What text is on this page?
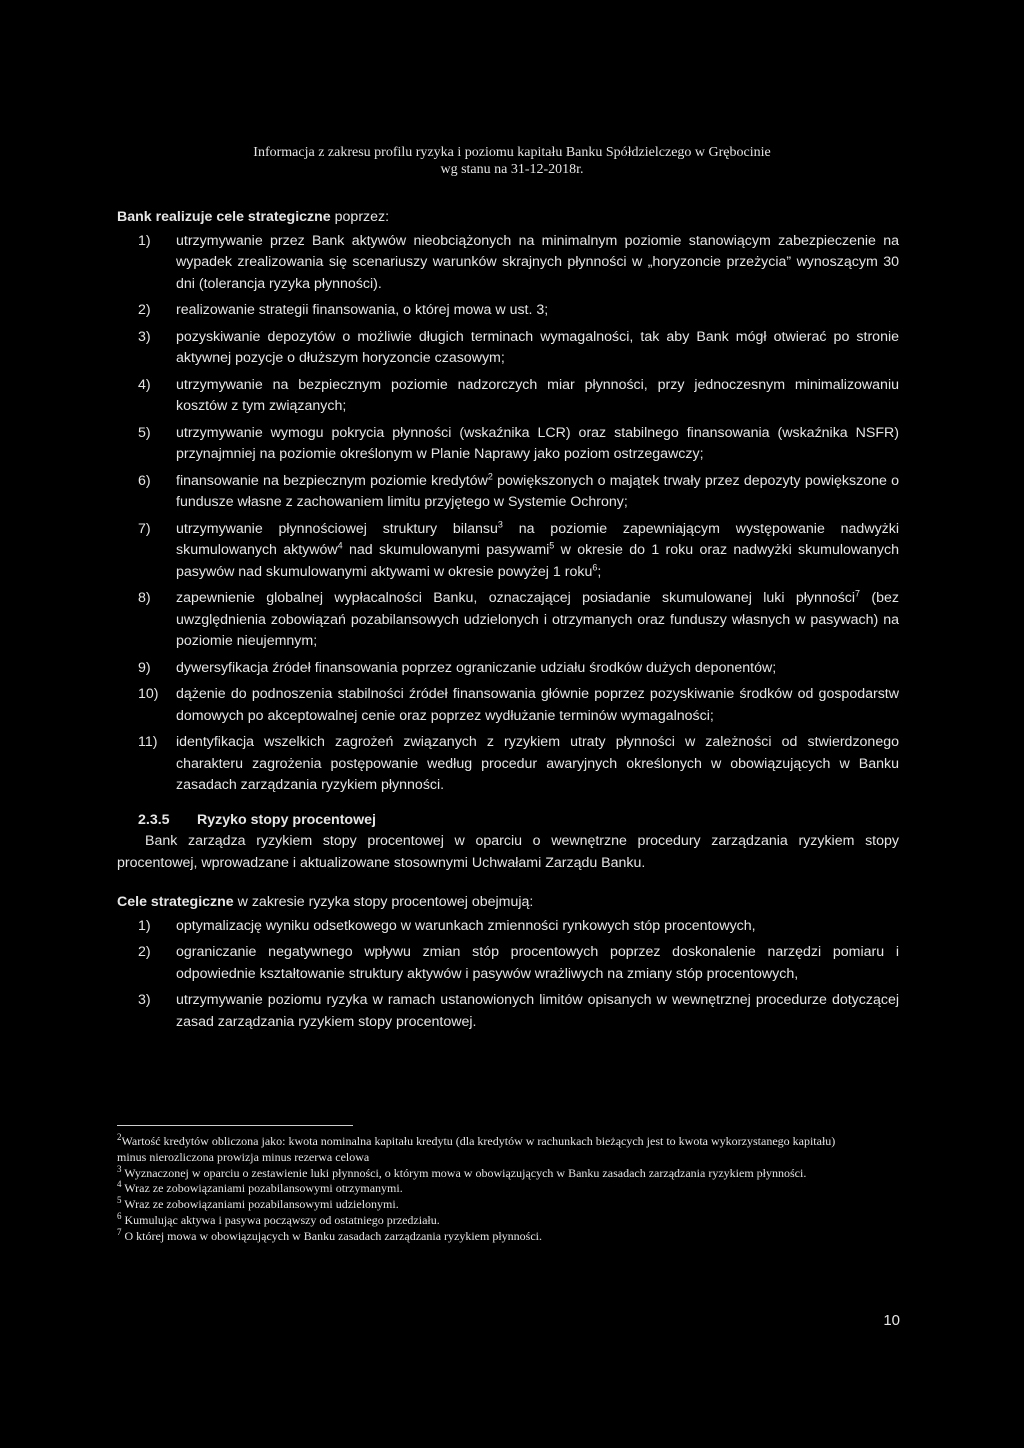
Informacja z zakresu profilu ryzyka i poziomu kapitału Banku Spółdzielczego w Grębocinie
wg stanu na 31-12-2018r.

Bank realizuje cele strategiczne poprzez:

1) utrzymywanie przez Bank aktywów nieobciążonych na minimalnym poziomie stanowiącym zabezpieczenie na wypadek zrealizowania się scenariuszy warunków skrajnych płynności w „horyzoncie przeżycia” wynoszącym 30 dni (tolerancja ryzyka płynności).
2) realizowanie strategii finansowania, o której mowa w ust. 3;
3) pozyskiwanie depozytów o możliwie długich terminach wymagalności, tak aby Bank mógł otwierać po stronie aktywnej pozycje o dłuższym horyzoncie czasowym;
4) utrzymywanie na bezpiecznym poziomie nadzorczych miar płynności, przy jednoczesnym minimalizowaniu kosztów z tym związanych;
5) utrzymywanie wymogu pokrycia płynności (wskaźnika LCR) oraz stabilnego finansowania (wskaźnika NSFR) przynajmniej na poziomie określonym w Planie Naprawy jako poziom ostrzegawczy;
6) finansowanie na bezpiecznym poziomie kredytów$^2$ powiększonych o majątek trwały przez depozyty powiększone o fundusze własne z zachowaniem limitu przyjętego w Systemie Ochrony;
7) utrzymywanie płynnościowej struktury bilansu$^3$ na poziomie zapewniającym występowanie nadwyżki skumulowanych aktywów$^4$ nad skumulowanymi pasywami$^5$ w okresie do 1 roku oraz nadwyżki skumulowanych pasywów nad skumulowanymi aktywami w okresie powyżej 1 roku$^6$;
8) zapewnienie globalnej wypłacalności Banku, oznaczającej posiadanie skumulowanej luki płynności$^7$ (bez uwzględnienia zobowiązań pozabilansowych udzielonych i otrzymanych oraz funduszy własnych w pasywach) na poziomie nieujemnym;
9) dywersyfikacja źródeł finansowania poprzez ograniczanie udziału środków dużych deponentów;
10) dążenie do podnoszenia stabilności źródeł finansowania głównie poprzez pozyskiwanie środków od gospodarstw domowych po akceptowalnej cenie oraz poprzez wydłużanie terminów wymagalności;
11) identyfikacja wszelkich zagrożeń związanych z ryzykiem utraty płynności w zależności od stwierdzonego charakteru zagrożenia postępowanie według procedur awaryjnych określonych w obowiązujących w Banku zasadach zarządzania ryzykiem płynności.
2.3.5 Ryzyko stopy procentowej

Bank zarządza ryzykiem stopy procentowej w oparciu o wewnętrzne procedury zarządzania ryzykiem stopy procentowej, wprowadzane i aktualizowane stosownymi Uchwałami Zarządu Banku.

Cele strategiczne w zakresie ryzyka stopy procentowej obejmują:

1) optymalizację wyniku odsetkowego w warunkach zmienności rynkowych stóp procentowych,
2) ograniczanie negatywnego wpływu zmian stóp procentowych poprzez doskonalenie narzędzi pomiaru i odpowiednie kształtowanie struktury aktywów i pasywów wrażliwych na zmiany stóp procentowych,
3) utrzymywanie poziomu ryzyka w ramach ustanowionych limitów opisanych w wewnętrznej procedurze dotyczącej zasad zarządzania ryzykiem stopy procentowej.

$^2$Wartość kredytów obliczona jako: kwota nominalna kapitału kredytu (dla kredytów w rachunkach bieżących jest to kwota wykorzystanego kapitału) minus nierozliczona prowizja minus rezerwa celowa

$^3$ Wyznaczonej w oparciu o zestawienie luki płynności, o którym mowa w obowiązujących w Banku zasadach zarządzania ryzykiem płynności.

$^4$ Wraz ze zobowiązaniami pozabilansowymi otrzymanymi.

$^5$ Wraz ze zobowiązaniami pozabilansowymi udzielonymi.

$^6$ Kumulując aktywa i pasywa począwszy od ostatniego przedziału.

$^7$ O której mowa w obowiązujących w Banku zasadach zarządzania ryzykiem płynności.

10
